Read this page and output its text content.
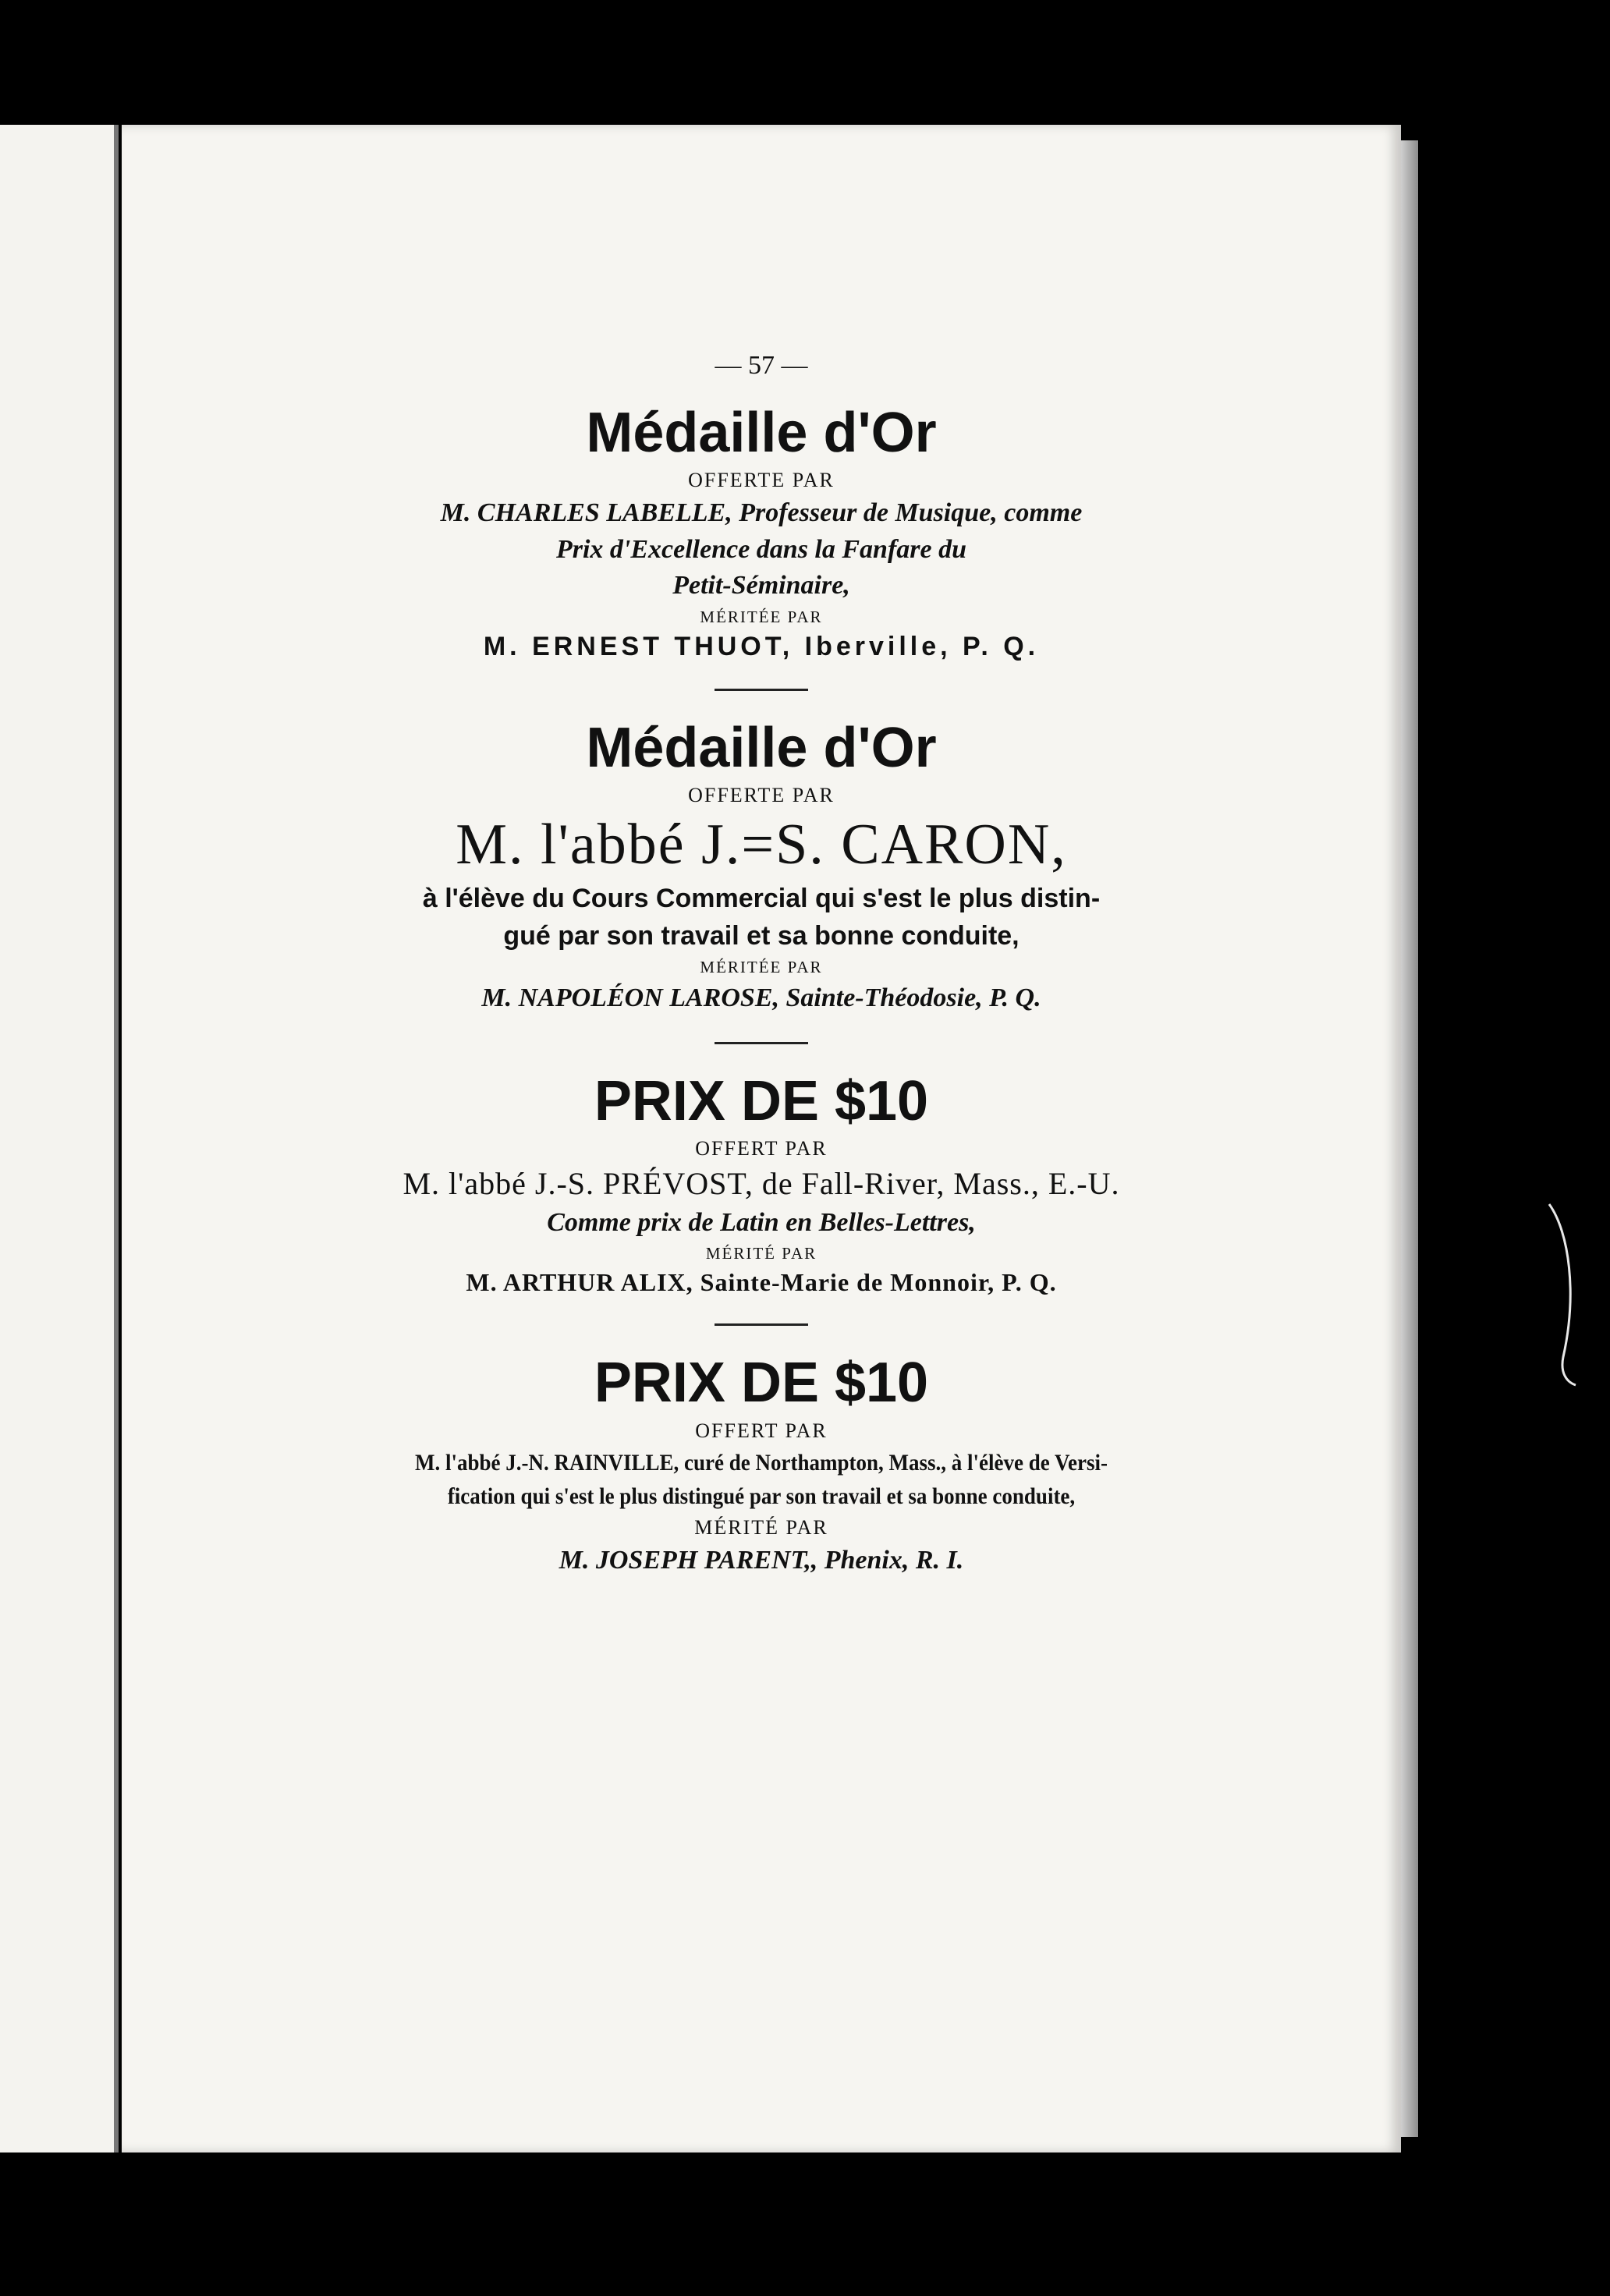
— 57 —
Médaille d'Or
OFFERTE PAR
M. CHARLES LABELLE, Professeur de Musique, comme
Prix d'Excellence dans la Fanfare du
Petit-Séminaire,
MÉRITÉE PAR
M. ERNEST THUOT, Iberville, P. Q.
Médaille d'Or
OFFERTE PAR
M. l'abbé J.=S. CARON,
à l'élève du Cours Commercial qui s'est le plus distin-
gué par son travail et sa bonne conduite,
MÉRITÉE PAR
M. NAPOLÉON LAROSE, Sainte-Théodosie, P. Q.
PRIX DE $10
OFFERT PAR
M. l'abbé J.-S. PRÉVOST, de Fall-River, Mass., E.-U.
Comme prix de Latin en Belles-Lettres,
MÉRITÉ PAR
M. ARTHUR ALIX, Sainte-Marie de Monnoir, P. Q.
PRIX DE $10
OFFERT PAR
M. l'abbé J.-N. RAINVILLE, curé de Northampton, Mass., à l'élève de Versi-
fication qui s'est le plus distingué par son travail et sa bonne conduite,
MÉRITÉ PAR
M. JOSEPH PARENT,, Phenix, R. I.
